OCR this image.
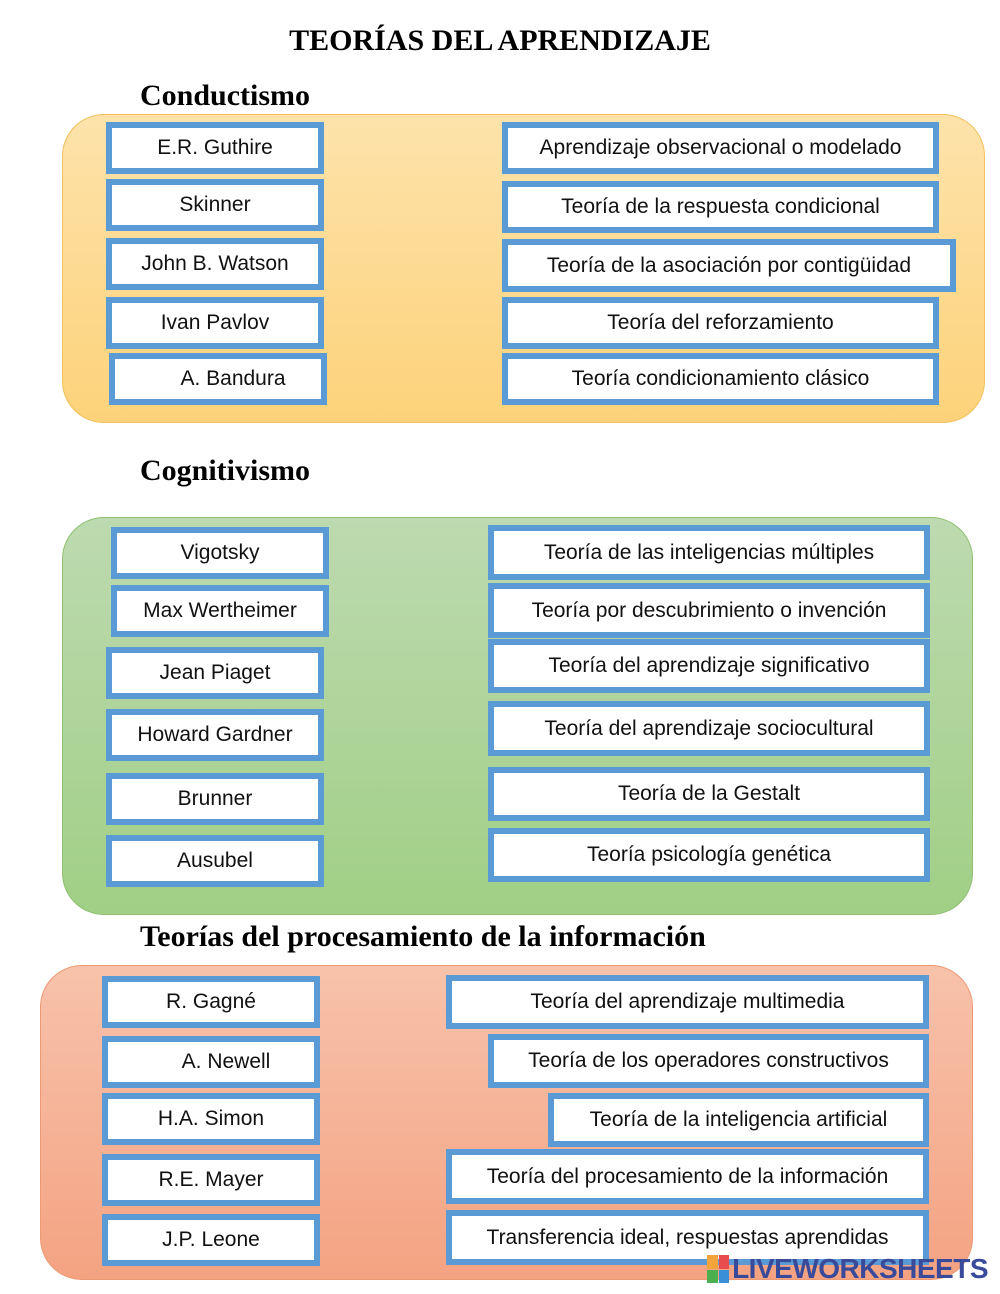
TEORÍAS DEL APRENDIZAJE
Conductismo
E.R. Guthire
Skinner
John B. Watson
Ivan Pavlov
A. Bandura
Aprendizaje observacional o modelado
Teoría de la respuesta condicional
Teoría de la asociación por contigüidad
Teoría del reforzamiento
Teoría condicionamiento clásico
Cognitivismo
Vigotsky
Max Wertheimer
Jean Piaget
Howard Gardner
Brunner
Ausubel
Teoría de las inteligencias múltiples
Teoría por descubrimiento o invención
Teoría del aprendizaje significativo
Teoría del aprendizaje sociocultural
Teoría de la Gestalt
Teoría psicología genética
Teorías del procesamiento de la información
R. Gagné
A. Newell
H.A. Simon
R.E. Mayer
J.P. Leone
Teoría del aprendizaje multimedia
Teoría de los operadores constructivos
Teoría de la inteligencia artificial
Teoría del procesamiento de la información
Transferencia ideal, respuestas aprendidas
LIVEWORKSHEETS
